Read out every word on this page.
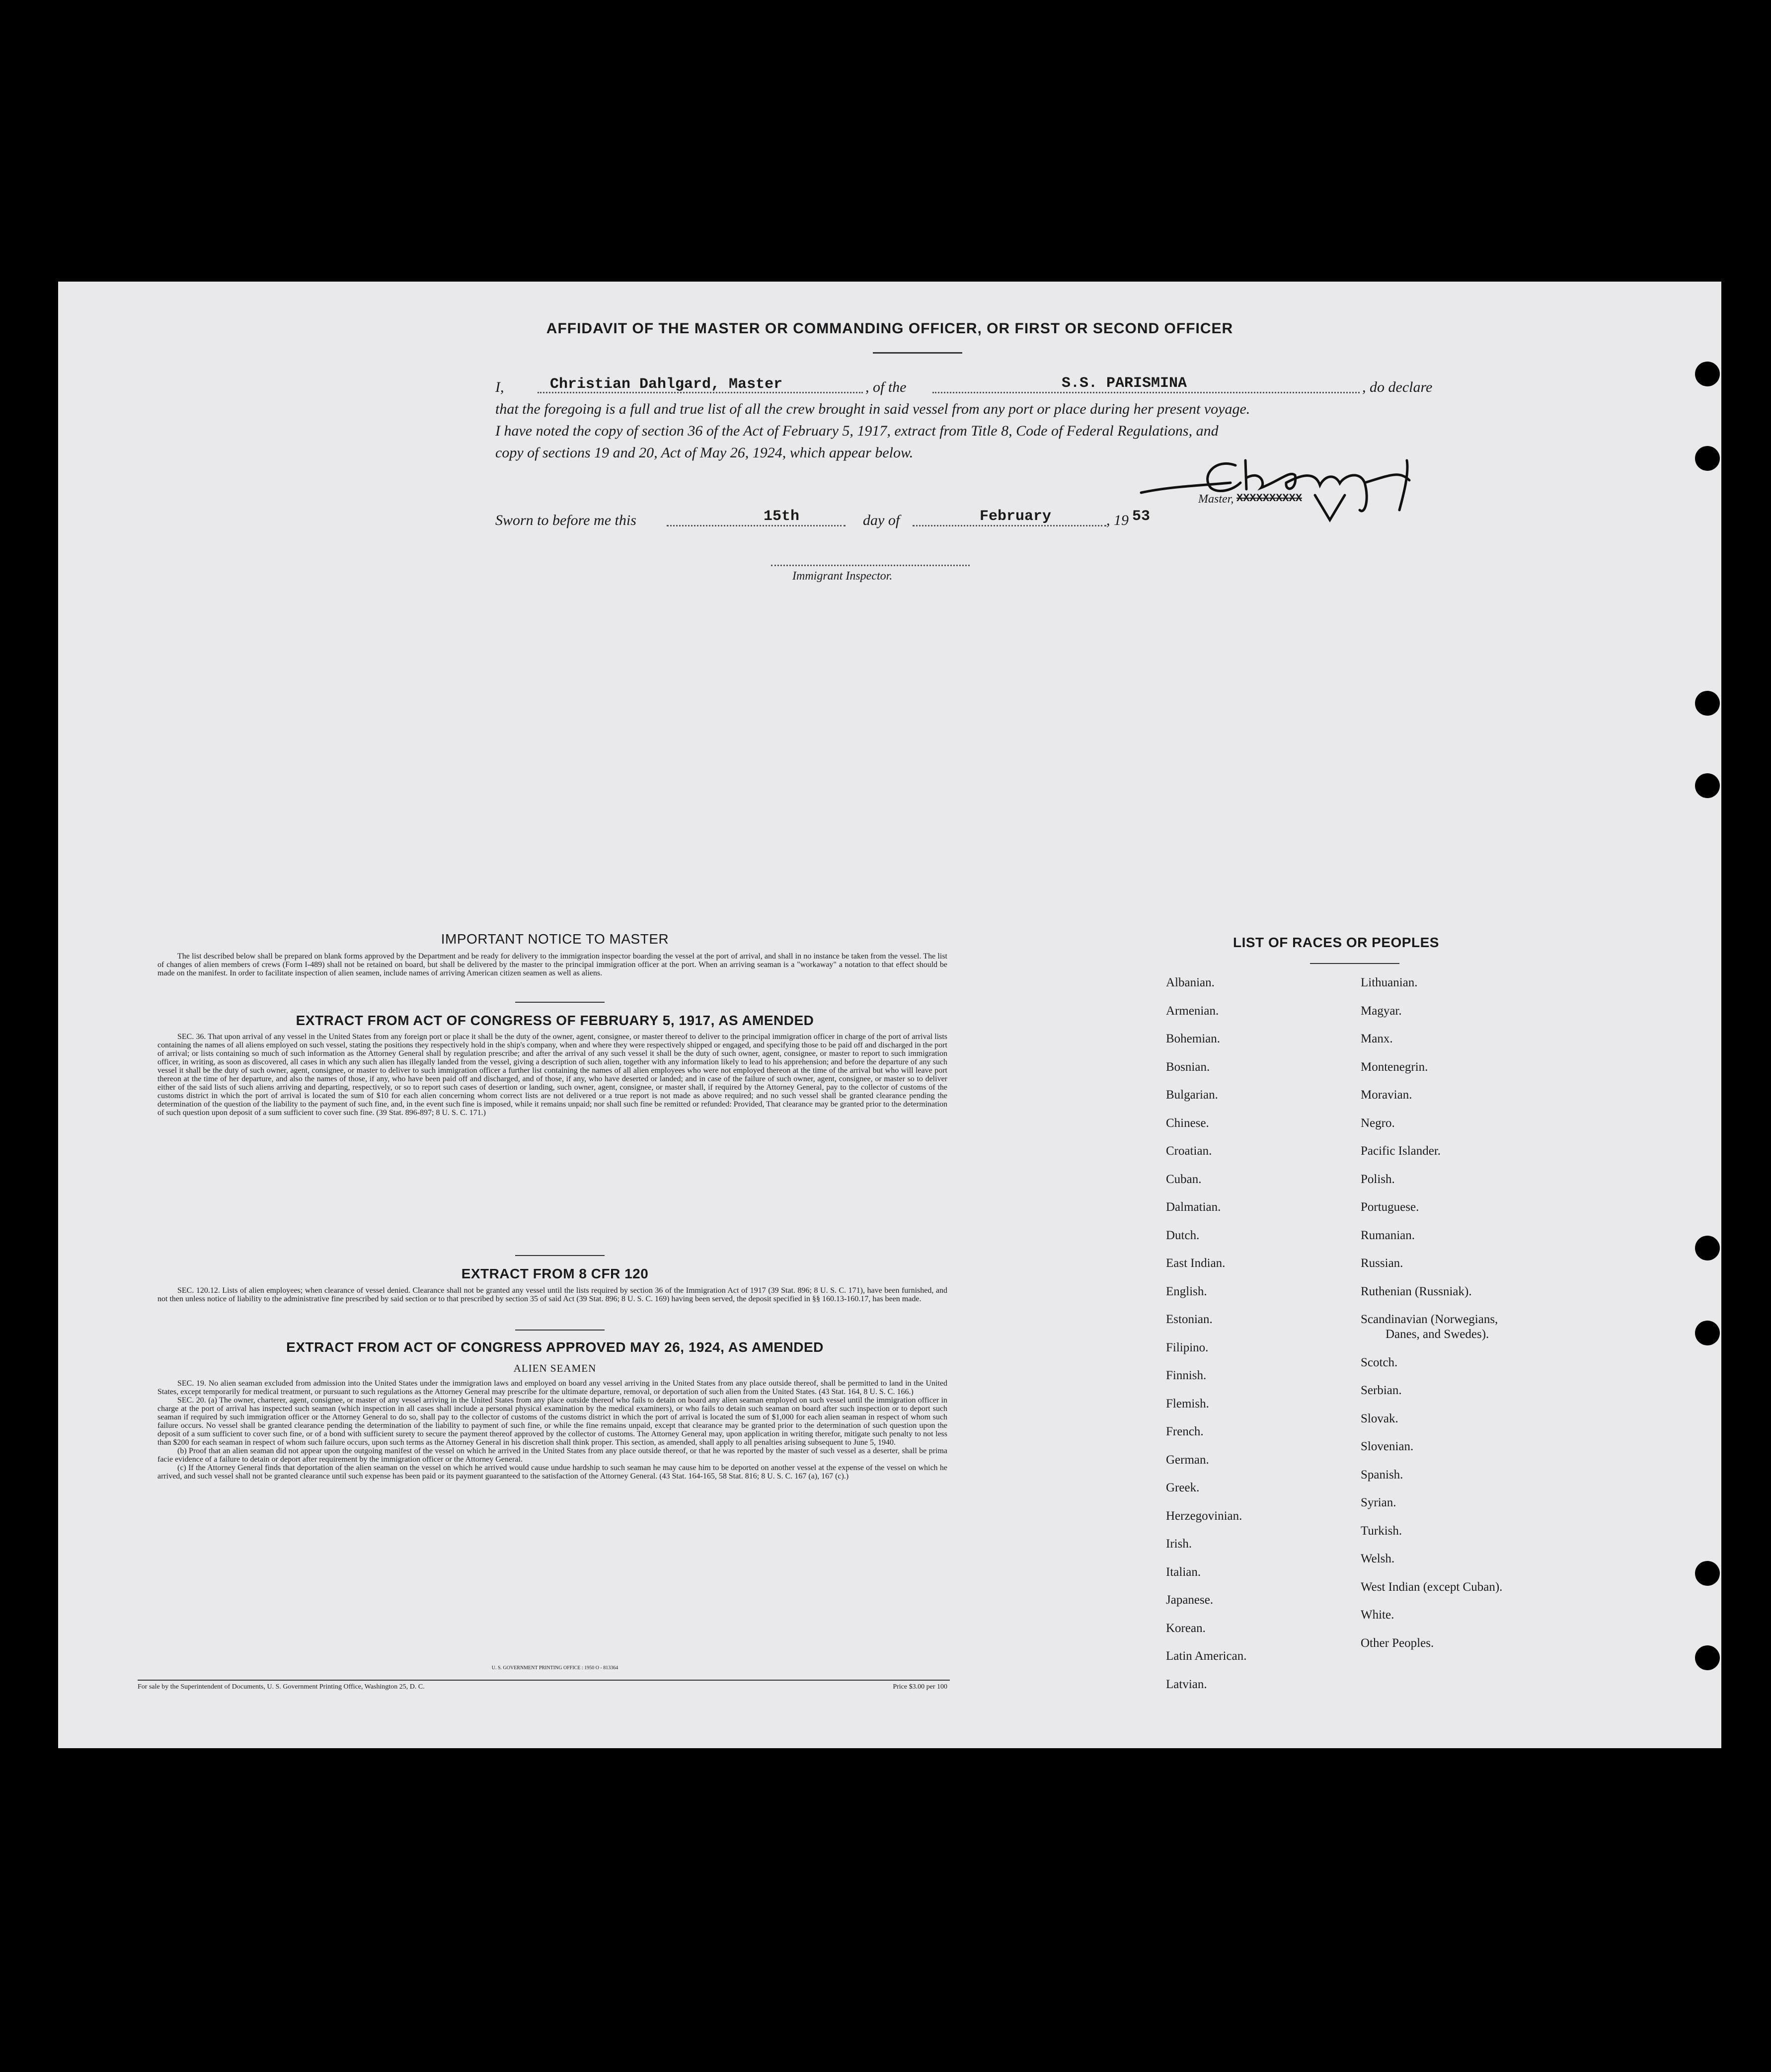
AFFIDAVIT OF THE MASTER OR COMMANDING OFFICER, OR FIRST OR SECOND OFFICER
I,	Christian Dahlgard, Master	, of the	S.S. PARISMINA	, do declare
that the foregoing is a full and true list of all the crew brought in said vessel from any port or place during her present voyage.
I have noted the copy of section 36 of the Act of February 5, 1917, extract from Title 8, Code of Federal Regulations, and
copy of sections 19 and 20, Act of May 26, 1924, which appear below.
Master, XXXXXXXXXX
Sworn to before me this	15th	day of	February	, 19 53
Immigrant Inspector.
IMPORTANT NOTICE TO MASTER

The list described below shall be prepared on blank forms approved by the Department and be ready for delivery to the immigration inspector boarding the vessel at the port of arrival, and shall in no instance be taken from the vessel. The list of changes of alien members of crews (Form I-489) shall not be retained on board, but shall be delivered by the master to the principal immigration officer at the port. When an arriving seaman is a "workaway" a notation to that effect should be made on the manifest. In order to facilitate inspection of alien seamen, include names of arriving American citizen seamen as well as aliens.

EXTRACT FROM ACT OF CONGRESS OF FEBRUARY 5, 1917, AS AMENDED

SEC. 36. That upon arrival of any vessel in the United States from any foreign port or place it shall be the duty of the owner, agent, consignee, or master thereof to deliver to the principal immigration officer in charge of the port of arrival lists containing the names of all aliens employed on such vessel, stating the positions they respectively hold in the ship's company, when and where they were respectively shipped or engaged, and specifying those to be paid off and discharged in the port of arrival; or lists containing so much of such information as the Attorney General shall by regulation prescribe; and after the arrival of any such vessel it shall be the duty of such owner, agent, consignee, or master to report to such immigration officer, in writing, as soon as discovered, all cases in which any such alien has illegally landed from the vessel, giving a description of such alien, together with any information likely to lead to his apprehension; and before the departure of any such vessel it shall be the duty of such owner, agent, consignee, or master to deliver to such immigration officer a further list containing the names of all alien employees who were not employed thereon at the time of the arrival but who will leave port thereon at the time of her departure, and also the names of those, if any, who have been paid off and discharged, and of those, if any, who have deserted or landed; and in case of the failure of such owner, agent, consignee, or master so to deliver either of the said lists of such aliens arriving and departing, respectively, or so to report such cases of desertion or landing, such owner, agent, consignee, or master shall, if required by the Attorney General, pay to the collector of customs of the customs district in which the port of arrival is located the sum of $10 for each alien concerning whom correct lists are not delivered or a true report is not made as above required; and no such vessel shall be granted clearance pending the determination of the question of the liability to the payment of such fine, and, in the event such fine is imposed, while it remains unpaid; nor shall such fine be remitted or refunded: Provided, That clearance may be granted prior to the determination of such question upon deposit of a sum sufficient to cover such fine. (39 Stat. 896-897; 8 U. S. C. 171.)

EXTRACT FROM 8 CFR 120

SEC. 120.12. Lists of alien employees; when clearance of vessel denied. Clearance shall not be granted any vessel until the lists required by section 36 of the Immigration Act of 1917 (39 Stat. 896; 8 U. S. C. 171), have been furnished, and not then unless notice of liability to the administrative fine prescribed by said section or to that prescribed by section 35 of said Act (39 Stat. 896; 8 U. S. C. 169) having been served, the deposit specified in §§ 160.13-160.17, has been made.

EXTRACT FROM ACT OF CONGRESS APPROVED MAY 26, 1924, AS AMENDED
ALIEN SEAMEN

SEC. 19. No alien seaman excluded from admission into the United States under the immigration laws and employed on board any vessel arriving in the United States from any place outside thereof, shall be permitted to land in the United States, except temporarily for medical treatment, or pursuant to such regulations as the Attorney General may prescribe for the ultimate departure, removal, or deportation of such alien from the United States. (43 Stat. 164, 8 U. S. C. 166.)

SEC. 20. (a) The owner, charterer, agent, consignee, or master of any vessel arriving in the United States from any place outside thereof who fails to detain on board any alien seaman employed on such vessel until the immigration officer in charge at the port of arrival has inspected such seaman (which inspection in all cases shall include a personal physical examination by the medical examiners), or who fails to detain such seaman on board after such inspection or to deport such seaman if required by such immigration officer or the Attorney General to do so, shall pay to the collector of customs of the customs district in which the port of arrival is located the sum of $1,000 for each alien seaman in respect of whom such failure occurs. No vessel shall be granted clearance pending the determination of the liability to payment of such fine, or while the fine remains unpaid, except that clearance may be granted prior to the determination of such question upon the deposit of a sum sufficient to cover such fine, or of a bond with sufficient surety to secure the payment thereof approved by the collector of customs. The Attorney General may, upon application in writing therefor, mitigate such penalty to not less than $200 for each seaman in respect of whom such failure occurs, upon such terms as the Attorney General in his discretion shall think proper. This section, as amended, shall apply to all penalties arising subsequent to June 5, 1940.

(b) Proof that an alien seaman did not appear upon the outgoing manifest of the vessel on which he arrived in the United States from any place outside thereof, or that he was reported by the master of such vessel as a deserter, shall be prima facie evidence of a failure to detain or deport after requirement by the immigration officer or the Attorney General.

(c) If the Attorney General finds that deportation of the alien seaman on the vessel on which he arrived would cause undue hardship to such seaman he may cause him to be deported on another vessel at the expense of the vessel on which he arrived, and such vessel shall not be granted clearance until such expense has been paid or its payment guaranteed to the satisfaction of the Attorney General. (43 Stat. 164-165, 58 Stat. 816; 8 U. S. C. 167 (a), 167 (c).)

U. S. GOVERNMENT PRINTING OFFICE : 1950 O - 813364
For sale by the Superintendent of Documents, U. S. Government Printing Office, Washington 25, D. C.	Price $3.00 per 100
LIST OF RACES OR PEOPLES
Albanian.
Armenian.
Bohemian.
Bosnian.
Bulgarian.
Chinese.
Croatian.
Cuban.
Dalmatian.
Dutch.
East Indian.
English.
Estonian.
Filipino.
Finnish.
Flemish.
French.
German.
Greek.
Herzegovinian.
Irish.
Italian.
Japanese.
Korean.
Latin American.
Latvian.
Lithuanian.
Magyar.
Manx.
Montenegrin.
Moravian.
Negro.
Pacific Islander.
Polish.
Portuguese.
Rumanian.
Russian.
Ruthenian (Russniak).
Scandinavian (Norwegians,
Danes, and Swedes).
Scotch.
Serbian.
Slovak.
Slovenian.
Spanish.
Syrian.
Turkish.
Welsh.
West Indian (except Cuban).
White.
Other Peoples.
